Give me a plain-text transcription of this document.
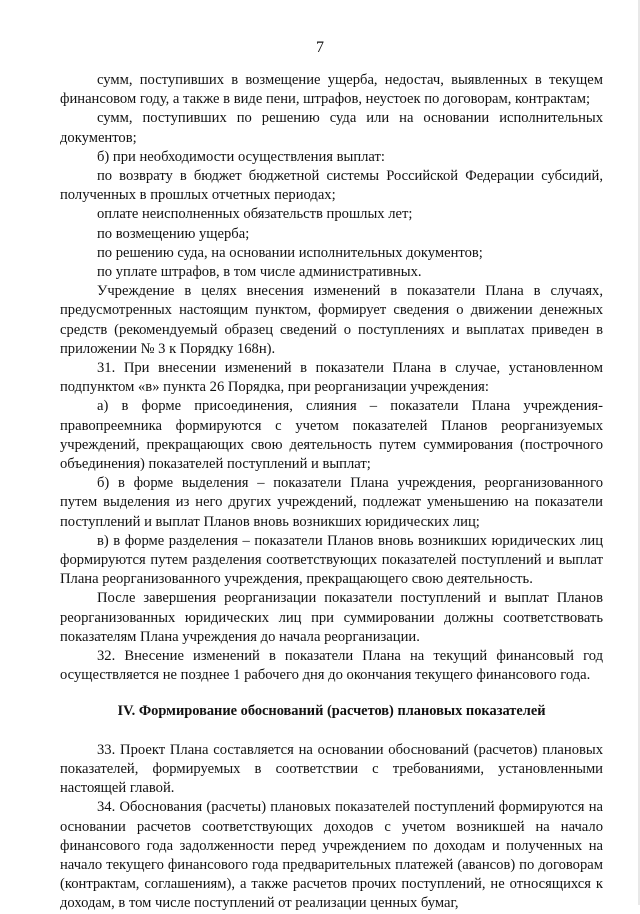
7

сумм, поступивших в возмещение ущерба, недостач, выявленных в текущем финансовом году, а также в виде пени, штрафов, неустоек по договорам, контрактам;

сумм, поступивших по решению суда или на основании исполнительных документов;

б) при необходимости осуществления выплат:

по возврату в бюджет бюджетной системы Российской Федерации субсидий, полученных в прошлых отчетных периодах;

оплате неисполненных обязательств прошлых лет;

по возмещению ущерба;

по решению суда, на основании исполнительных документов;

по уплате штрафов, в том числе административных.

Учреждение в целях внесения изменений в показатели Плана в случаях, предусмотренных настоящим пунктом, формирует сведения о движении денежных средств (рекомендуемый образец сведений о поступлениях и выплатах приведен в приложении № 3 к Порядку 168н).

31. При внесении изменений в показатели Плана в случае, установленном подпунктом «в» пункта 26 Порядка, при реорганизации учреждения:

а) в форме присоединения, слияния – показатели Плана учреждения-правопреемника формируются с учетом показателей Планов реорганизуемых учреждений, прекращающих свою деятельность путем суммирования (построчного объединения) показателей поступлений и выплат;

б) в форме выделения – показатели Плана учреждения, реорганизованного путем выделения из него других учреждений, подлежат уменьшению на показатели поступлений и выплат Планов вновь возникших юридических лиц;

в) в форме разделения – показатели Планов вновь возникших юридических лиц формируются путем разделения соответствующих показателей поступлений и выплат Плана реорганизованного учреждения, прекращающего свою деятельность.

После завершения реорганизации показатели поступлений и выплат Планов реорганизованных юридических лиц при суммировании должны соответствовать показателям Плана учреждения до начала реорганизации.

32. Внесение изменений в показатели Плана на текущий финансовый год осуществляется не позднее 1 рабочего дня до окончания текущего финансового года.

IV. Формирование обоснований (расчетов) плановых показателей

33. Проект Плана составляется на основании обоснований (расчетов) плановых показателей, формируемых в соответствии с требованиями, установленными настоящей главой.

34. Обоснования (расчеты) плановых показателей поступлений формируются на основании расчетов соответствующих доходов с учетом возникшей на начало финансового года задолженности перед учреждением по доходам и полученных на начало текущего финансового года предварительных платежей (авансов) по договорам (контрактам, соглашениям), а также расчетов прочих поступлений, не относящихся к доходам, в том числе поступлений от реализации ценных бумаг,
